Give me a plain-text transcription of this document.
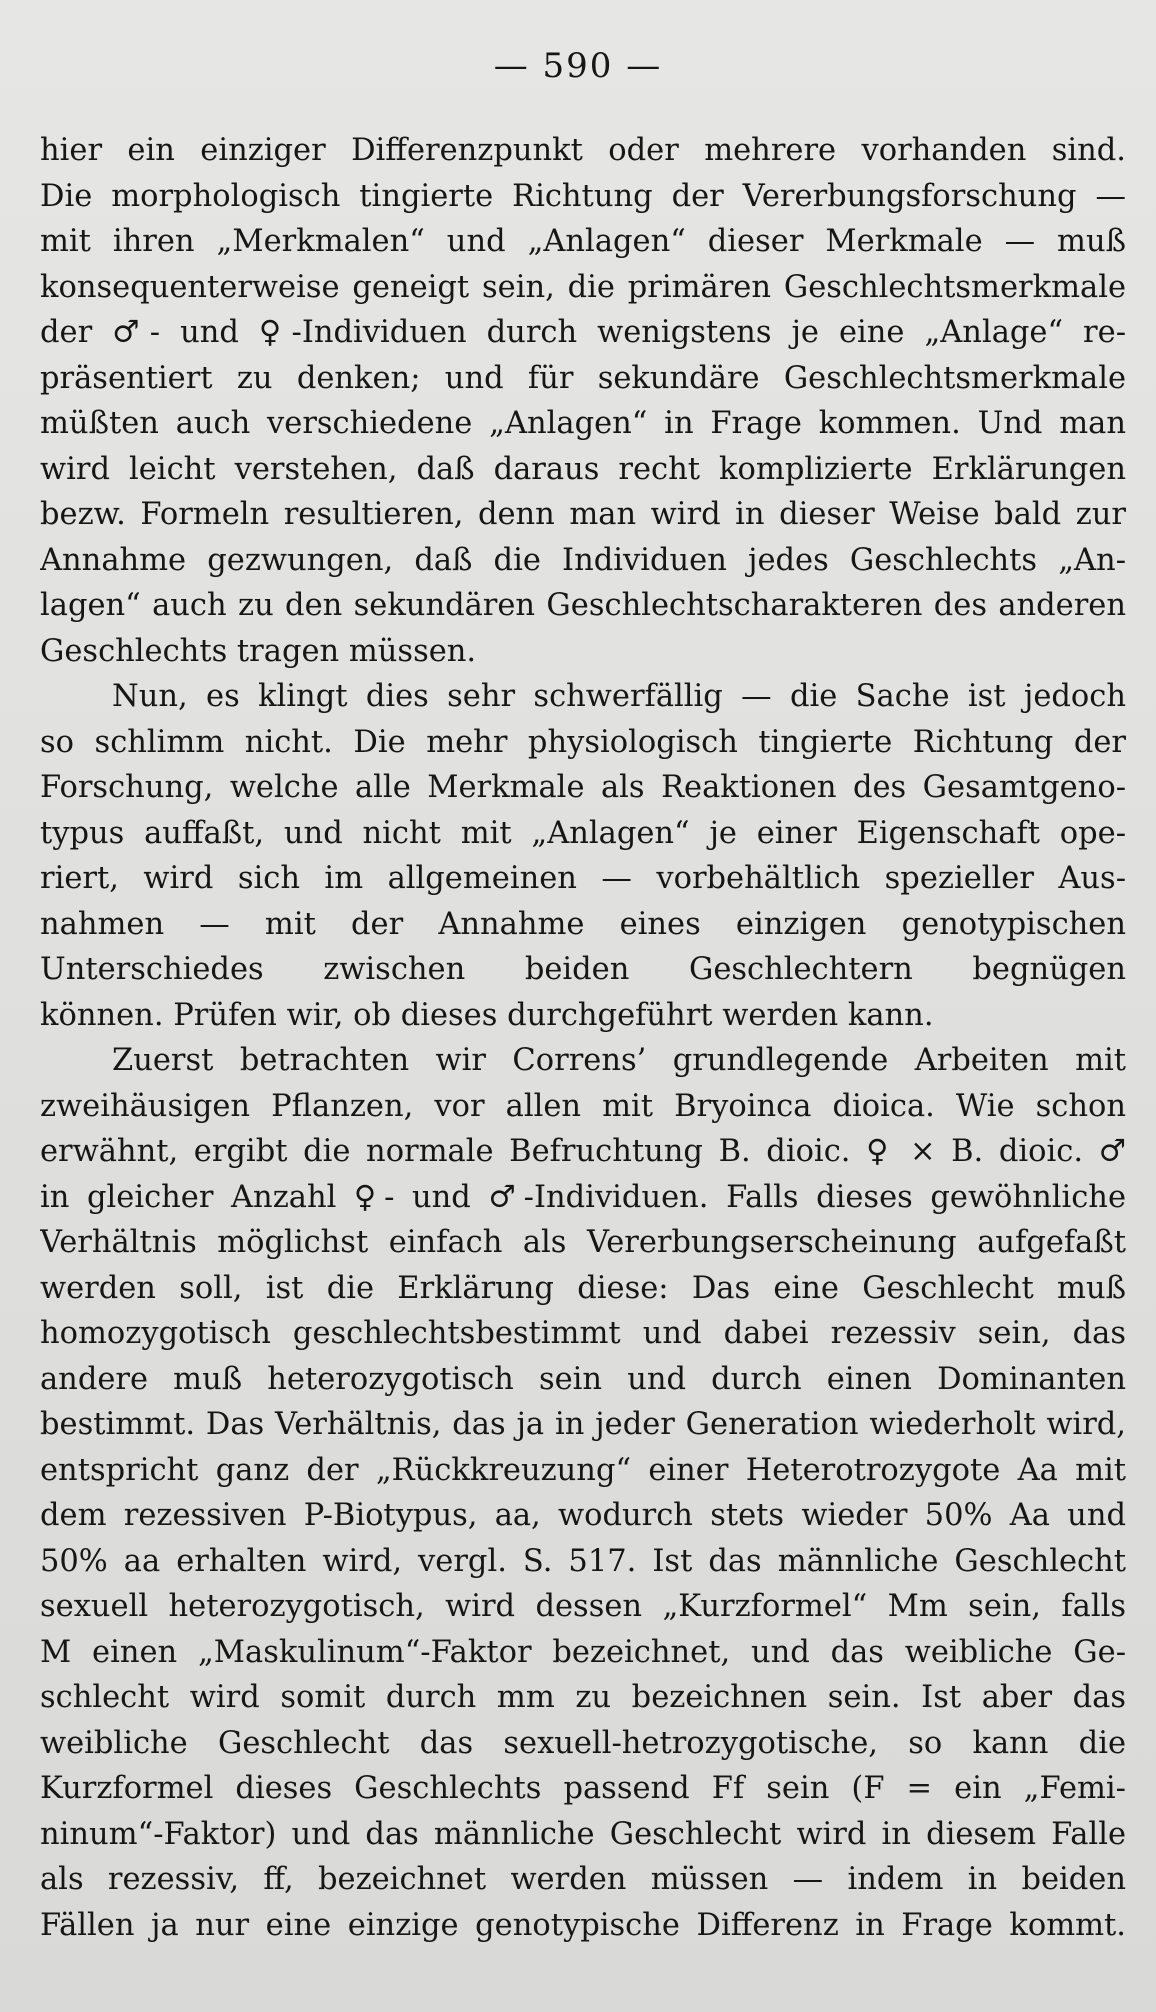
— 590 —
hier ein einziger Differenzpunkt oder mehrere vorhanden sind.
Die morphologisch tingierte Richtung der Vererbungsforschung —
mit ihren „Merkmalen“ und „Anlagen“ dieser Merkmale — muß
konsequenterweise geneigt sein, die primären Geschlechtsmerkmale
der ♂- und ♀-Individuen durch wenigstens je eine „Anlage“ re-
präsentiert zu denken; und für sekundäre Geschlechtsmerkmale
müßten auch verschiedene „Anlagen“ in Frage kommen. Und man
wird leicht verstehen, daß daraus recht komplizierte Erklärungen
bezw. Formeln resultieren, denn man wird in dieser Weise bald zur
Annahme gezwungen, daß die Individuen jedes Geschlechts „An-
lagen“ auch zu den sekundären Geschlechtscharakteren des anderen
Geschlechts tragen müssen.
Nun, es klingt dies sehr schwerfällig — die Sache ist jedoch
so schlimm nicht. Die mehr physiologisch tingierte Richtung der
Forschung, welche alle Merkmale als Reaktionen des Gesamtgeno-
typus auffaßt, und nicht mit „Anlagen“ je einer Eigenschaft ope-
riert, wird sich im allgemeinen — vorbehältlich spezieller Aus-
nahmen — mit der Annahme eines einzigen genotypischen
Unterschiedes zwischen beiden Geschlechtern begnügen
können. Prüfen wir, ob dieses durchgeführt werden kann.
Zuerst betrachten wir Correns’ grundlegende Arbeiten mit
zweihäusigen Pflanzen, vor allen mit Bryoinca dioica. Wie schon
erwähnt, ergibt die normale Befruchtung B. dioic. ♀ × B. dioic. ♂
in gleicher Anzahl ♀- und ♂-Individuen. Falls dieses gewöhnliche
Verhältnis möglichst einfach als Vererbungserscheinung aufgefaßt
werden soll, ist die Erklärung diese: Das eine Geschlecht muß
homozygotisch geschlechtsbestimmt und dabei rezessiv sein, das
andere muß heterozygotisch sein und durch einen Dominanten
bestimmt. Das Verhältnis, das ja in jeder Generation wiederholt wird,
entspricht ganz der „Rückkreuzung“ einer Heterotrozygote Aa mit
dem rezessiven P-Biotypus, aa, wodurch stets wieder 50% Aa und
50% aa erhalten wird, vergl. S. 517. Ist das männliche Geschlecht
sexuell heterozygotisch, wird dessen „Kurzformel“ Mm sein, falls
M einen „Maskulinum“-Faktor bezeichnet, und das weibliche Ge-
schlecht wird somit durch mm zu bezeichnen sein. Ist aber das
weibliche Geschlecht das sexuell-hetrozygotische, so kann die
Kurzformel dieses Geschlechts passend Ff sein (F = ein „Femi-
ninum“-Faktor) und das männliche Geschlecht wird in diesem Falle
als rezessiv, ff, bezeichnet werden müssen — indem in beiden
Fällen ja nur eine einzige genotypische Differenz in Frage kommt.
